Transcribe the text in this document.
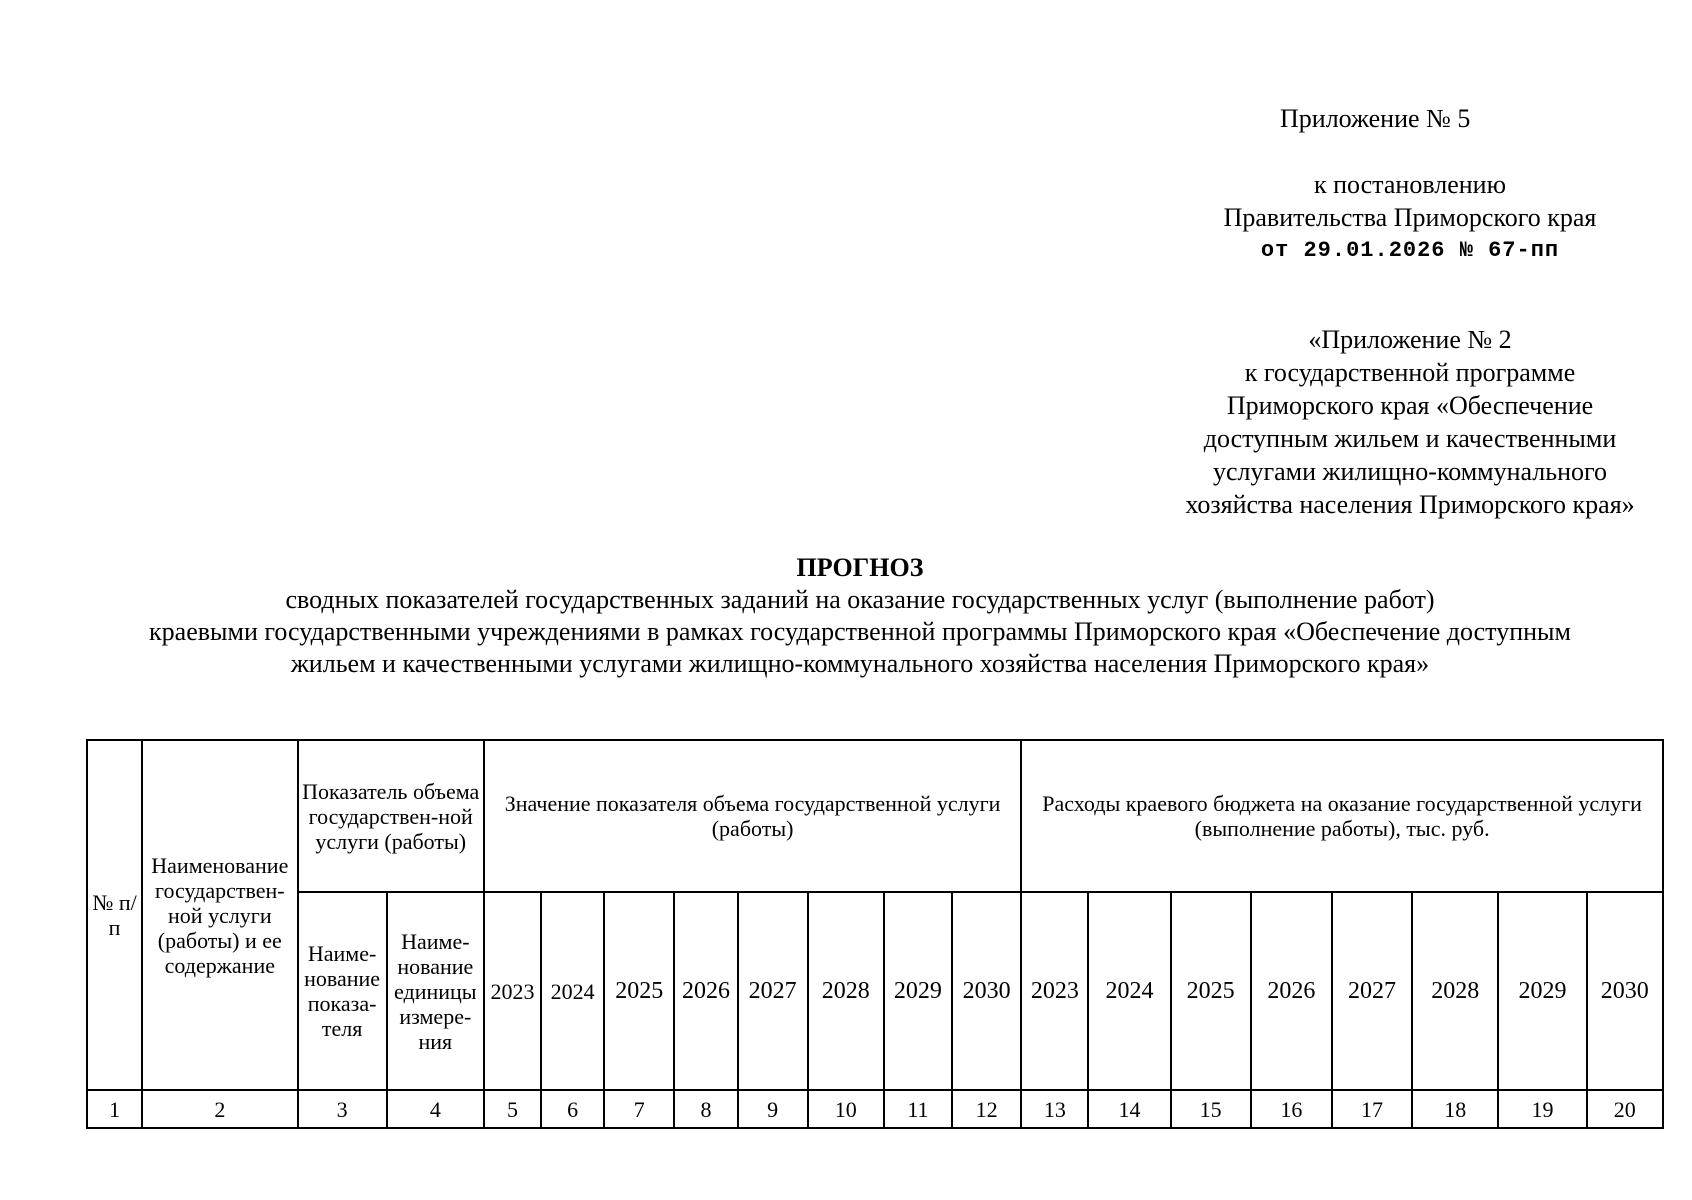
Приложение № 5
к постановлению
Правительства Приморского края
от 29.01.2026 № 67-пп
«Приложение № 2
к государственной программе
Приморского края «Обеспечение
доступным жильем и качественными
услугами жилищно-коммунального
хозяйства населения Приморского края»
ПРОГНОЗ
сводных показателей государственных заданий на оказание государственных услуг (выполнение работ)
краевыми государственными учреждениями в рамках государственной программы Приморского края «Обеспечение доступным
жильем и качественными услугами жилищно-коммунального хозяйства населения Приморского края»
№ п/п	Наименование государствен-ной услуги (работы) и ее содержание	Показатель объема государствен-ной услуги (работы)		Значение показателя объема государственной услуги (работы)								Расходы краевого бюджета на оказание государственной услуги (выполнение работы), тыс. руб.							
		Наиме-нование показа-теля	Наиме-нование единицы измере-ния	2023	2024	2025	2026	2027	2028	2029	2030	2023	2024	2025	2026	2027	2028	2029	2030
1	2	3	4	5	6	7	8	9	10	11	12	13	14	15	16	17	18	19	20
